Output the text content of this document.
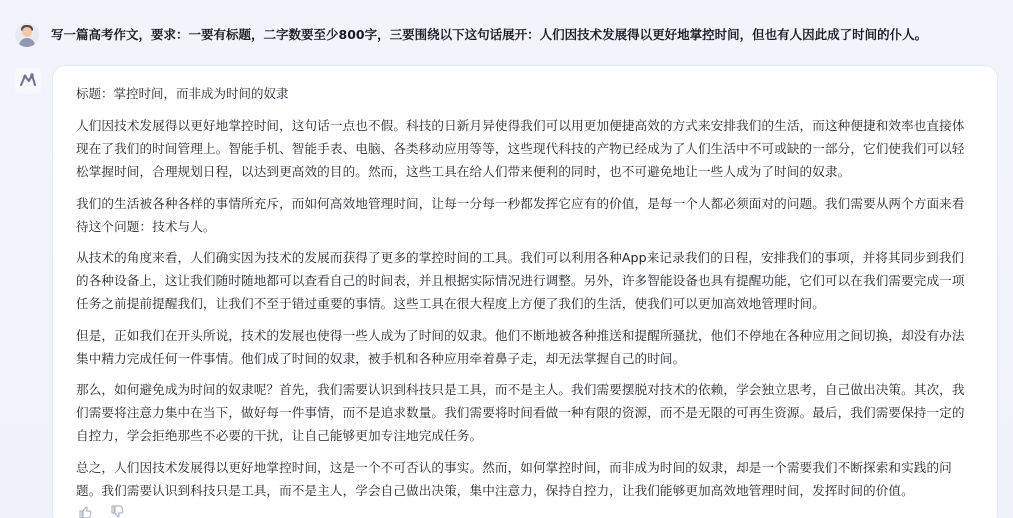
写一篇高考作文，要求：一要有标题，二字数要至少800字，三要围绕以下这句话展开：人们因技术发展得以更好地掌控时间，但也有人因此成了时间的仆人。
标题：掌控时间，而非成为时间的奴隶

人们因技术发展得以更好地掌控时间，这句话一点也不假。科技的日新月异使得我们可以用更加便捷高效的方式来安排我们的生活，而这种便捷和效率也直接体现在了我们的时间管理上。智能手机、智能手表、电脑、各类移动应用等等，这些现代科技的产物已经成为了人们生活中不可或缺的一部分，它们使我们可以轻松掌握时间，合理规划日程，以达到更高效的目的。然而，这些工具在给人们带来便利的同时，也不可避免地让一些人成为了时间的奴隶。

我们的生活被各种各样的事情所充斥，而如何高效地管理时间，让每一分每一秒都发挥它应有的价值，是每一个人都必须面对的问题。我们需要从两个方面来看待这个问题：技术与人。

从技术的角度来看，人们确实因为技术的发展而获得了更多的掌控时间的工具。我们可以利用各种App来记录我们的日程，安排我们的事项，并将其同步到我们的各种设备上，这让我们随时随地都可以查看自己的时间表，并且根据实际情况进行调整。另外，许多智能设备也具有提醒功能，它们可以在我们需要完成一项任务之前提前提醒我们，让我们不至于错过重要的事情。这些工具在很大程度上方便了我们的生活，使我们可以更加高效地管理时间。

但是，正如我们在开头所说，技术的发展也使得一些人成为了时间的奴隶。他们不断地被各种推送和提醒所骚扰，他们不停地在各种应用之间切换，却没有办法集中精力完成任何一件事情。他们成了时间的奴隶，被手机和各种应用牵着鼻子走，却无法掌握自己的时间。

那么，如何避免成为时间的奴隶呢？首先，我们需要认识到科技只是工具，而不是主人。我们需要摆脱对技术的依赖，学会独立思考，自己做出决策。其次，我们需要将注意力集中在当下，做好每一件事情，而不是追求数量。我们需要将时间看做一种有限的资源，而不是无限的可再生资源。最后，我们需要保持一定的自控力，学会拒绝那些不必要的干扰，让自己能够更加专注地完成任务。

总之，人们因技术发展得以更好地掌控时间，这是一个不可否认的事实。然而，如何掌控时间，而非成为时间的奴隶，却是一个需要我们不断探索和实践的问题。我们需要认识到科技只是工具，而不是主人，学会自己做出决策，集中注意力，保持自控力，让我们能够更加高效地管理时间，发挥时间的价值。
